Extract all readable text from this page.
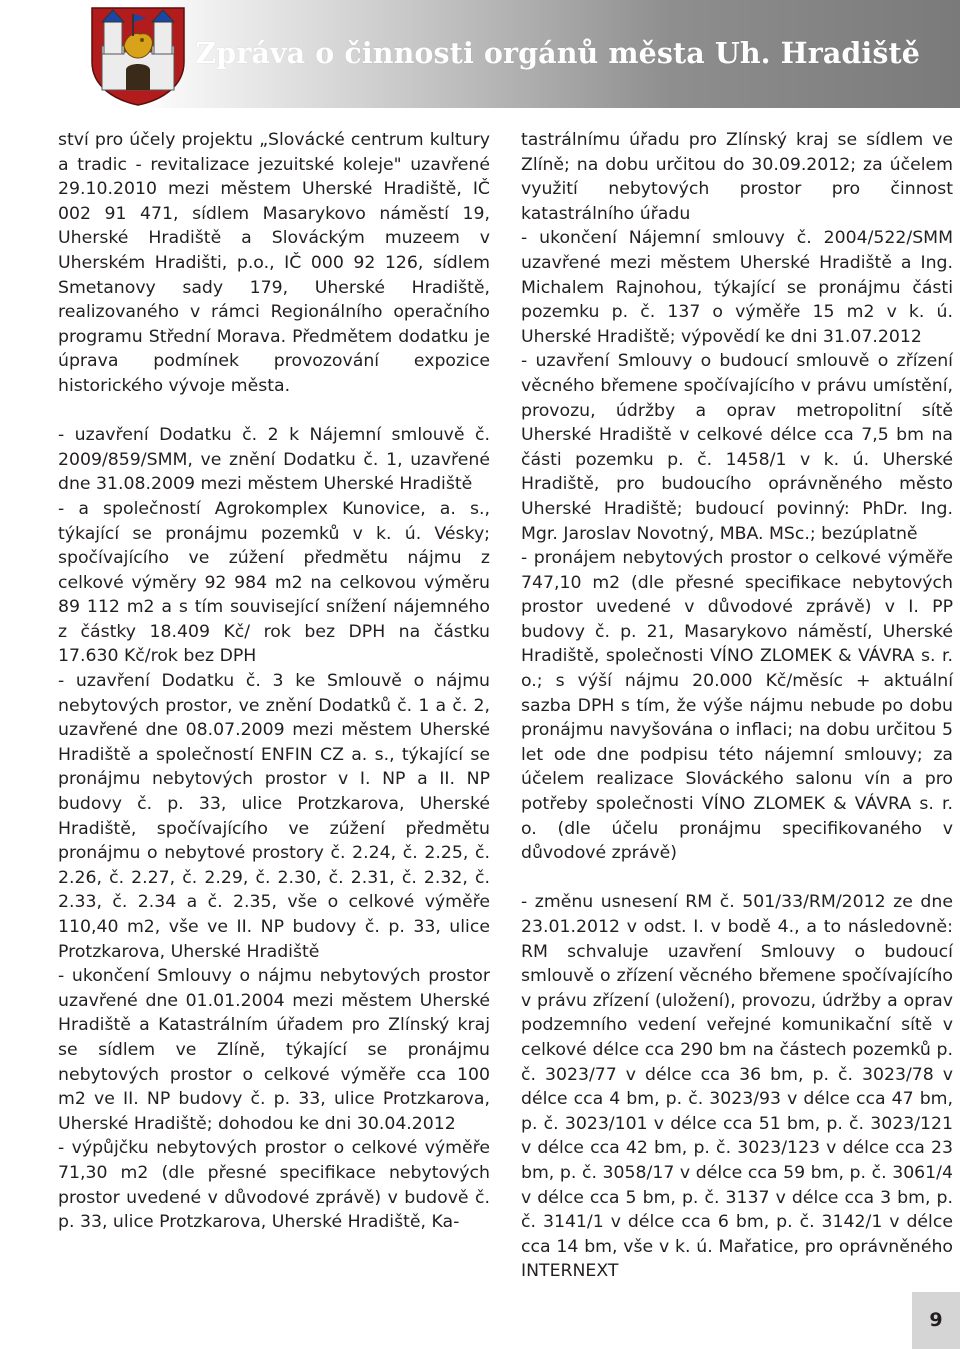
Zpráva o činnosti orgánů města Uh. Hradiště

ství pro účely projektu „Slovácké centrum kultury a tradic - revitalizace jezuitské koleje" uzavřené 29.10.2010 mezi městem Uherské Hradiště, IČ 002 91 471, sídlem Masarykovo náměstí 19, Uherské Hradiště a Slováckým muzeem v Uherském Hradišti, p.o., IČ 000 92 126, sídlem Smetanovy sady 179, Uherské Hradiště, realizovaného v rámci Regionálního operačního programu Střední Morava. Předmětem dodatku je úprava podmínek provozování expozice historického vývoje města.

- uzavření Dodatku č. 2 k Nájemní smlouvě č. 2009/859/SMM, ve znění Dodatku č. 1, uzavřené dne 31.08.2009 mezi městem Uherské Hradiště

- a společností Agrokomplex Kunovice, a. s., týkající se pronájmu pozemků v k. ú. Vésky; spočívajícího ve zúžení předmětu nájmu z celkové výměry 92 984 m2 na celkovou výměru 89 112 m2 a s tím související snížení nájemného z částky 18.409 Kč/ rok bez DPH na částku 17.630 Kč/rok bez DPH

- uzavření Dodatku č. 3 ke Smlouvě o nájmu nebytových prostor, ve znění Dodatků č. 1 a č. 2, uzavřené dne 08.07.2009 mezi městem Uherské Hradiště a společností ENFIN CZ a. s., týkající se pronájmu nebytových prostor v I. NP a II. NP budovy č. p. 33, ulice Protzkarova, Uherské Hradiště, spočívajícího ve zúžení předmětu pronájmu o nebytové prostory č. 2.24, č. 2.25, č. 2.26, č. 2.27, č. 2.29, č. 2.30, č. 2.31, č. 2.32, č. 2.33, č. 2.34 a č. 2.35, vše o celkové výměře 110,40 m2, vše ve II. NP budovy č. p. 33, ulice Protzkarova, Uherské Hradiště

- ukončení Smlouvy o nájmu nebytových prostor uzavřené dne 01.01.2004 mezi městem Uherské Hradiště a Katastrálním úřadem pro Zlínský kraj se sídlem ve Zlíně, týkající se pronájmu nebytových prostor o celkové výměře cca 100 m2 ve II. NP budovy č. p. 33, ulice Protzkarova, Uherské Hradiště; dohodou ke dni 30.04.2012

- výpůjčku nebytových prostor o celkové výměře 71,30 m2 (dle přesné specifikace nebytových prostor uvedené v důvodové zprávě) v budově č. p. 33, ulice Protzkarova, Uherské Hradiště, Ka-

tastrálnímu úřadu pro Zlínský kraj se sídlem ve Zlíně; na dobu určitou do 30.09.2012; za účelem využití nebytových prostor pro činnost katastrálního úřadu

- ukončení Nájemní smlouvy č. 2004/522/SMM uzavřené mezi městem Uherské Hradiště a Ing. Michalem Rajnohou, týkající se pronájmu části pozemku p. č. 137 o výměře 15 m2 v k. ú. Uherské Hradiště; výpovědí ke dni 31.07.2012

- uzavření Smlouvy o budoucí smlouvě o zřízení věcného břemene spočívajícího v právu umístění, provozu, údržby a oprav metropolitní sítě Uherské Hradiště v celkové délce cca 7,5 bm na části pozemku p. č. 1458/1 v k. ú. Uherské Hradiště, pro budoucího oprávněného město Uherské Hradiště; budoucí povinný: PhDr. Ing. Mgr. Jaroslav Novotný, MBA. MSc.; bezúplatně

- pronájem nebytových prostor o celkové výměře 747,10 m2 (dle přesné specifikace nebytových prostor uvedené v důvodové zprávě) v I. PP budovy č. p. 21, Masarykovo náměstí, Uherské Hradiště, společnosti VÍNO ZLOMEK & VÁVRA s. r. o.; s výší nájmu 20.000 Kč/měsíc + aktuální sazba DPH s tím, že výše nájmu nebude po dobu pronájmu navyšována o inflaci; na dobu určitou 5 let ode dne podpisu této nájemní smlouvy; za účelem realizace Slováckého salonu vín a pro potřeby společnosti VÍNO ZLOMEK & VÁVRA s. r. o. (dle účelu pronájmu specifikovaného v důvodové zprávě)

- změnu usnesení RM č. 501/33/RM/2012 ze dne 23.01.2012 v odst. I. v bodě 4., a to následovně: RM schvaluje uzavření Smlouvy o budoucí smlouvě o zřízení věcného břemene spočívajícího v právu zřízení (uložení), provozu, údržby a oprav podzemního vedení veřejné komunikační sítě v celkové délce cca 290 bm na částech pozemků p. č. 3023/77 v délce cca 36 bm, p. č. 3023/78 v délce cca 4 bm, p. č. 3023/93 v délce cca 47 bm, p. č. 3023/101 v délce cca 51 bm, p. č. 3023/121 v délce cca 42 bm, p. č. 3023/123 v délce cca 23 bm, p. č. 3058/17 v délce cca 59 bm, p. č. 3061/4 v délce cca 5 bm, p. č. 3137 v délce cca 3 bm, p. č. 3141/1 v délce cca 6 bm, p. č. 3142/1 v délce cca 14 bm, vše v k. ú. Mařatice, pro oprávněného INTERNEXT

9
